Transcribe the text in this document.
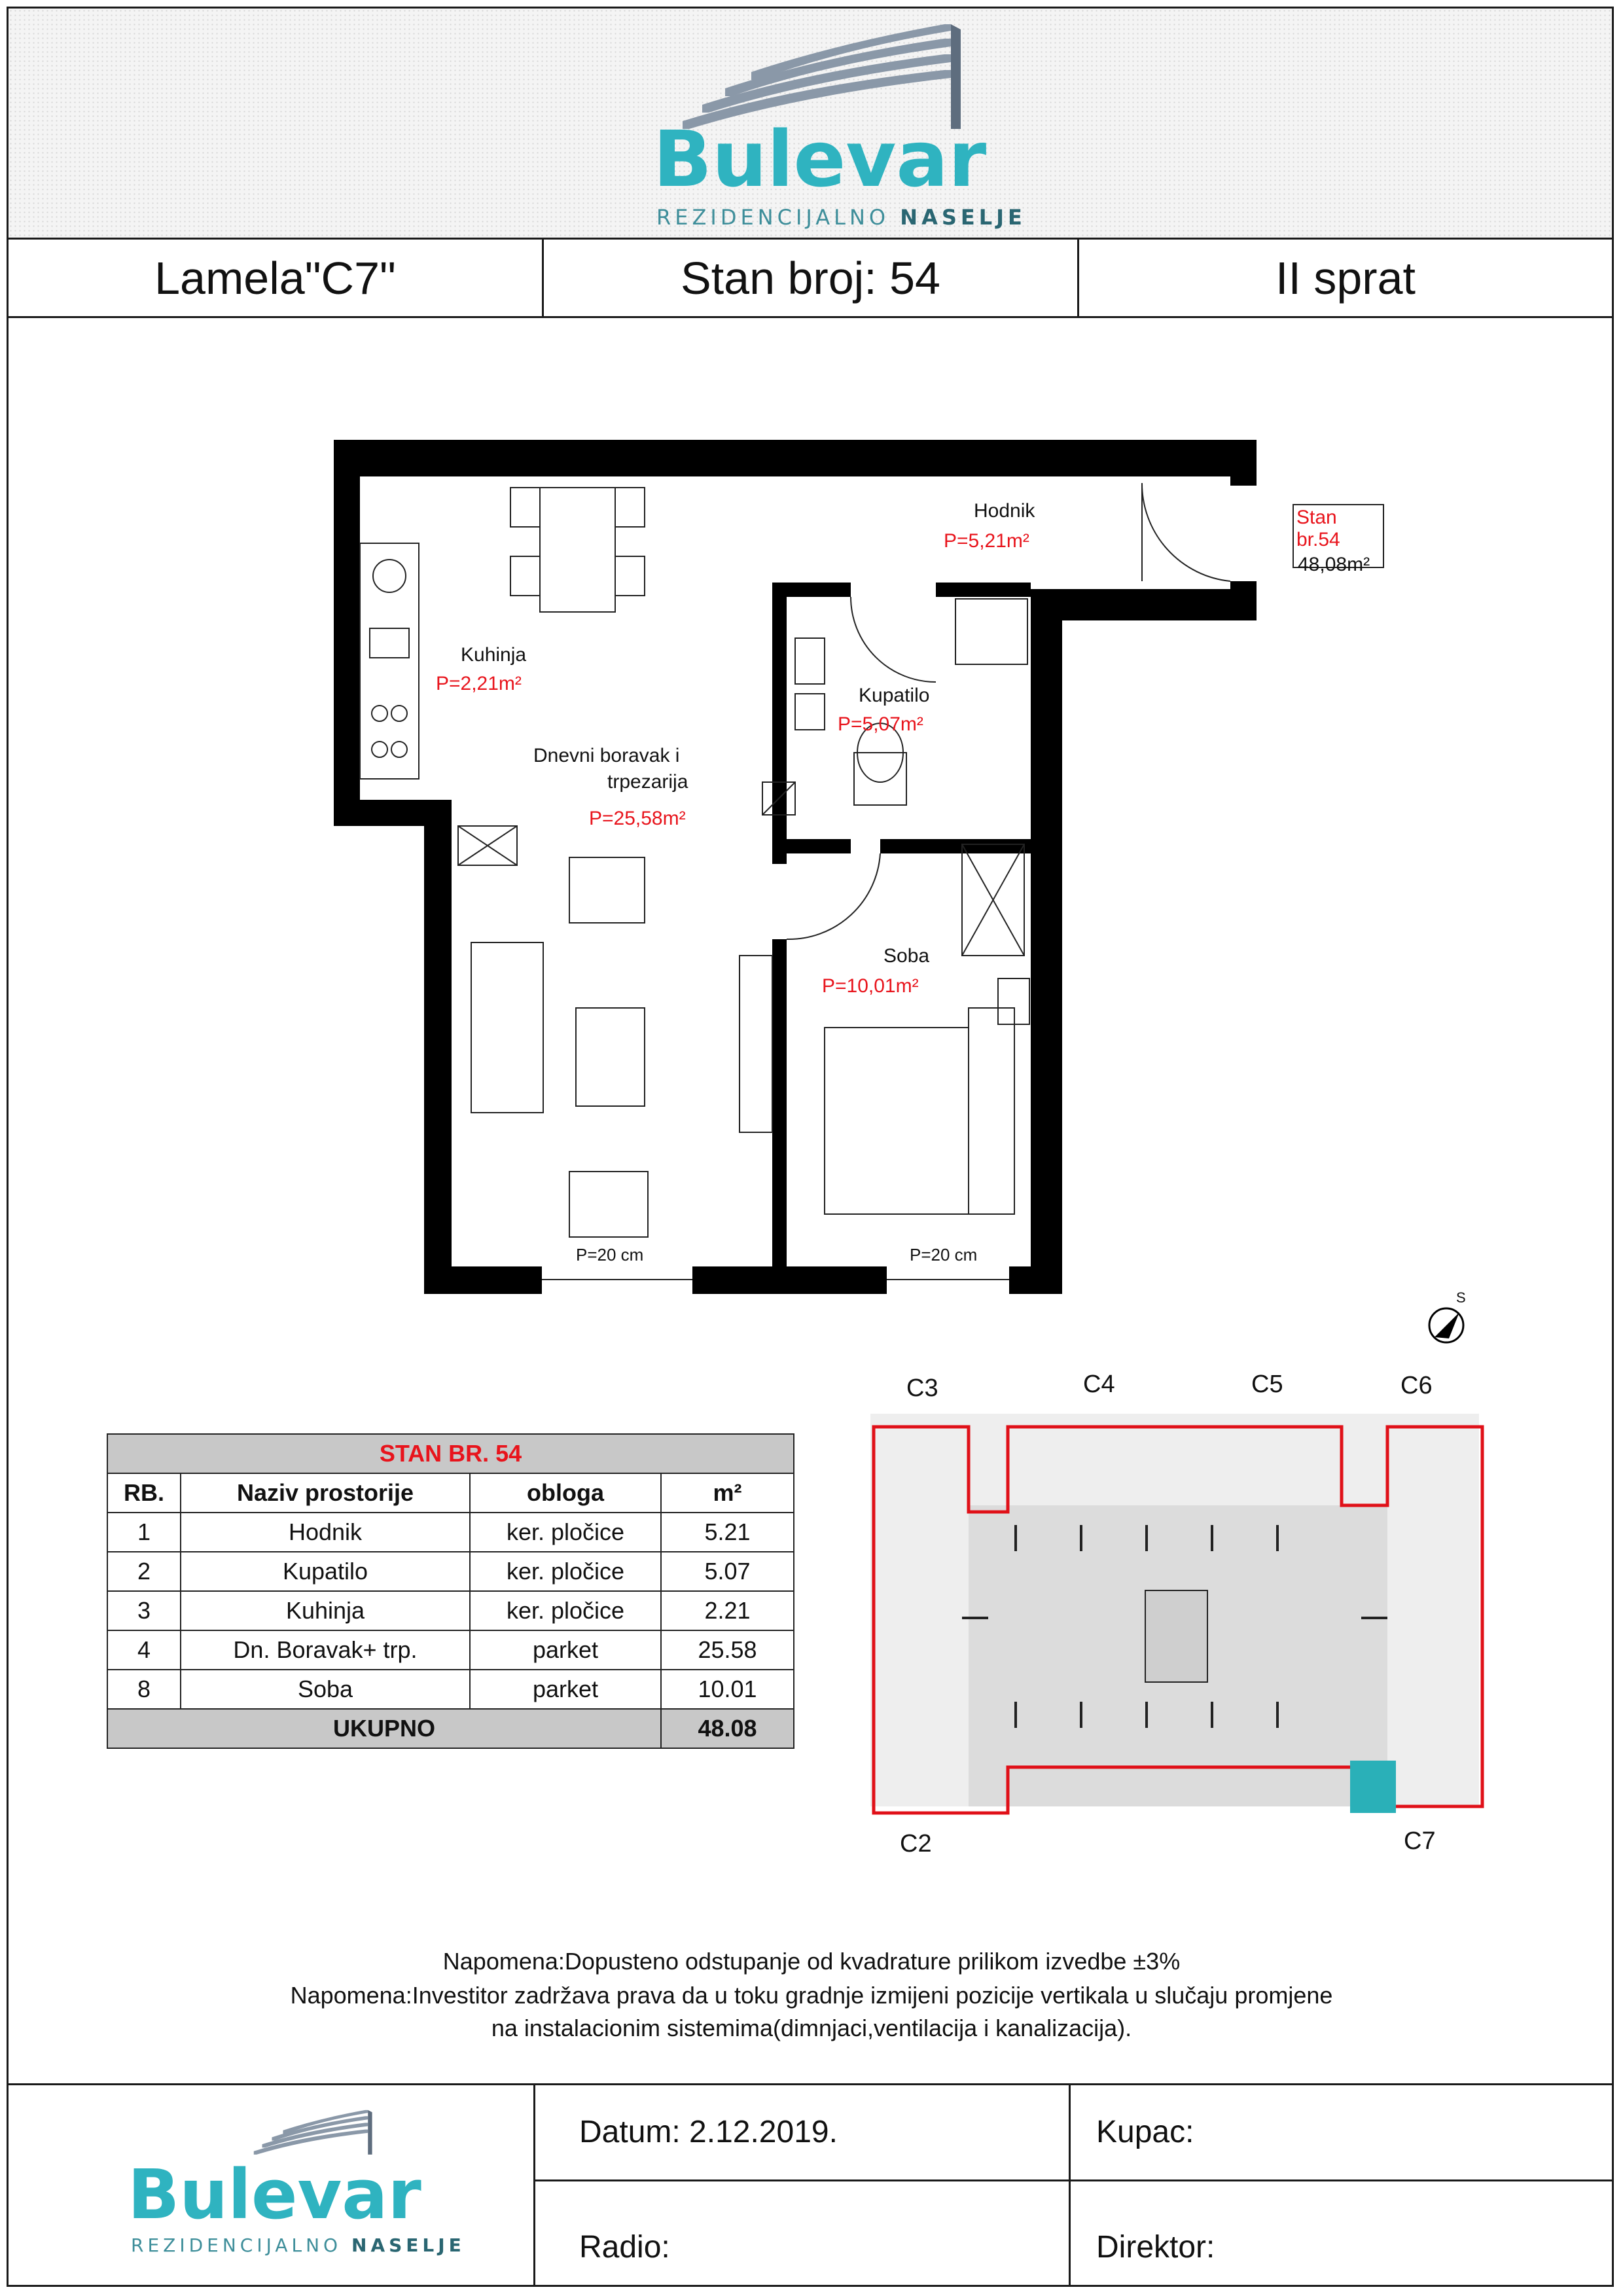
Bulevar
REZIDENCIJALNO NASELJE
Lamela"C7"	Stan broj: 54	II sprat
Hodnik
P=5,21m²
Kuhinja
P=2,21m²
Kupatilo
P=5,07m²
Dnevni boravak i
trpezarija
P=25,58m²
Soba
P=10,01m²
P=20 cm	P=20 cm
S
Stan br.54
48,08m²
STAN BR. 54			
RB.	Naziv prostorije	obloga	m²
1	Hodnik	ker. pločice	5.21
2	Kupatilo	ker. pločice	5.07
3	Kuhinja	ker. pločice	2.21
4	Dn. Boravak+ trp.	parket	25.58
8	Soba	parket	10.01
UKUPNO			48.08
C3	C4	C5	C6
C2	C7
Napomena:Dopusteno odstupanje od kvadrature prilikom izvedbe ±3%
Napomena:Investitor zadržava prava da u toku gradnje izmijeni pozicije vertikala u slučaju promjene
na instalacionim sistemima(dimnjaci,ventilacija i kanalizacija).
Bulevar
REZIDENCIJALNO NASELJE
Datum: 2.12.2019.	Kupac:
Radio:	Direktor:
